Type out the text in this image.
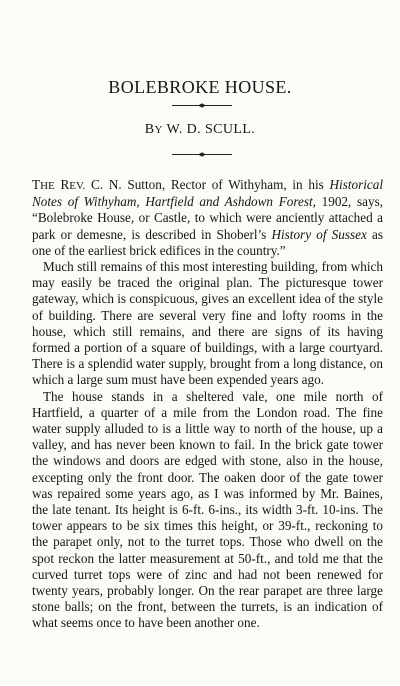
BOLEBROKE HOUSE.
BY W. D. SCULL.

THE REV. C. N. Sutton, Rector of Withyham, in his Historical Notes of Withyham, Hartfield and Ashdown Forest, 1902, says, “Bolebroke House, or Castle, to which were anciently attached a park or demesne, is described in Shoberl’s History of Sussex as one of the earliest brick edifices in the country.”

Much still remains of this most interesting building, from which may easily be traced the original plan. The picturesque tower gateway, which is conspicuous, gives an excellent idea of the style of building. There are several very fine and lofty rooms in the house, which still remains, and there are signs of its having formed a portion of a square of buildings, with a large courtyard. There is a splendid water supply, brought from a long distance, on which a large sum must have been expended years ago.

The house stands in a sheltered vale, one mile north of Hartfield, a quarter of a mile from the London road. The fine water supply alluded to is a little way to north of the house, up a valley, and has never been known to fail. In the brick gate tower the windows and doors are edged with stone, also in the house, excepting only the front door. The oaken door of the gate tower was repaired some years ago, as I was informed by Mr. Baines, the late tenant. Its height is 6-ft. 6-ins., its width 3-ft. 10-ins. The tower appears to be six times this height, or 39-ft., reckoning to the parapet only, not to the turret tops. Those who dwell on the spot reckon the latter measurement at 50-ft., and told me that the curved turret tops were of zinc and had not been renewed for twenty years, probably longer. On the rear parapet are three large stone balls; on the front, between the turrets, is an indication of what seems once to have been another one.
